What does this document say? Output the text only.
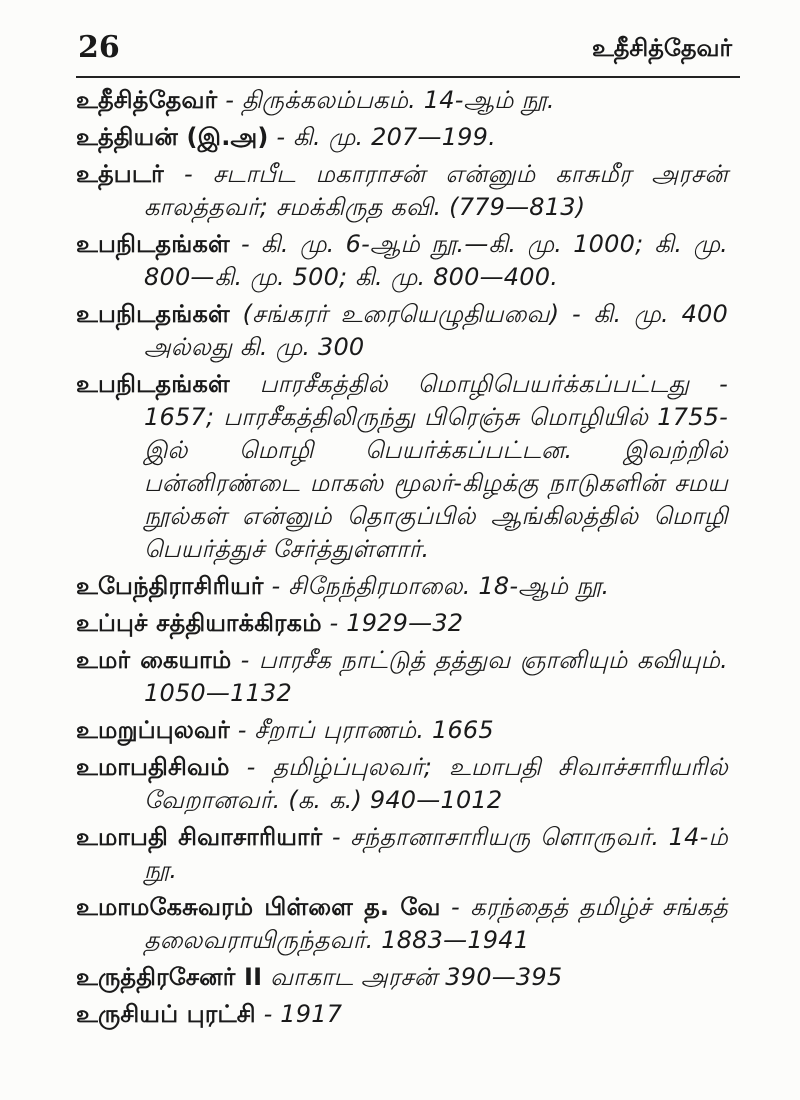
26	உதீசித்தேவர்
உதீசித்தேவர் - திருக்கலம்பகம். 14-ஆம் நூ.
உத்தியன் (இ.அ) - கி. மு. 207—199.
உத்படர் - சடாபீட மகாராசன் என்னும் காசுமீர அரசன் காலத்தவர்; சமக்கிருத கவி. (779—813)
உபநிடதங்கள் - கி. மு. 6-ஆம் நூ.—கி. மு. 1000; கி. மு. 800—கி. மு. 500; கி. மு. 800—400.
உபநிடதங்கள் (சங்கரர் உரையெழுதியவை) - கி. மு. 400 அல்லது கி. மு. 300
உபநிடதங்கள் பாரசீகத்தில் மொழிபெயர்க்கப்பட்டது - 1657; பாரசீகத்திலிருந்து பிரெஞ்சு மொழியில் 1755-இல் மொழி பெயர்க்கப்பட்டன. இவற்றில் பன்னிரண்டை மாகஸ் மூலர்-கிழக்கு நாடுகளின் சமய நூல்கள் என்னும் தொகுப்பில் ஆங்கிலத்தில் மொழி பெயர்த்துச் சேர்த்துள்ளார்.
உபேந்திராசிரியர் - சிநேந்திரமாலை. 18-ஆம் நூ.
உப்புச் சத்தியாக்கிரகம் - 1929—32
உமர் கையாம் - பாரசீக நாட்டுத் தத்துவ ஞானியும் கவியும். 1050—1132
உமறுப்புலவர் - சீறாப் புராணம். 1665
உமாபதிசிவம் - தமிழ்ப்புலவர்; உமாபதி சிவாச்சாரியரில் வேறானவர். (க. க.) 940—1012
உமாபதி சிவாசாரியார் - சந்தானாசாரியரு ளொருவர். 14-ம் நூ.
உமாமகேசுவரம் பிள்ளை த. வே - கரந்தைத் தமிழ்ச் சங்கத் தலைவராயிருந்தவர். 1883—1941
உருத்திரசேனர் II வாகாட அரசன் 390—395
உருசியப் புரட்சி - 1917
